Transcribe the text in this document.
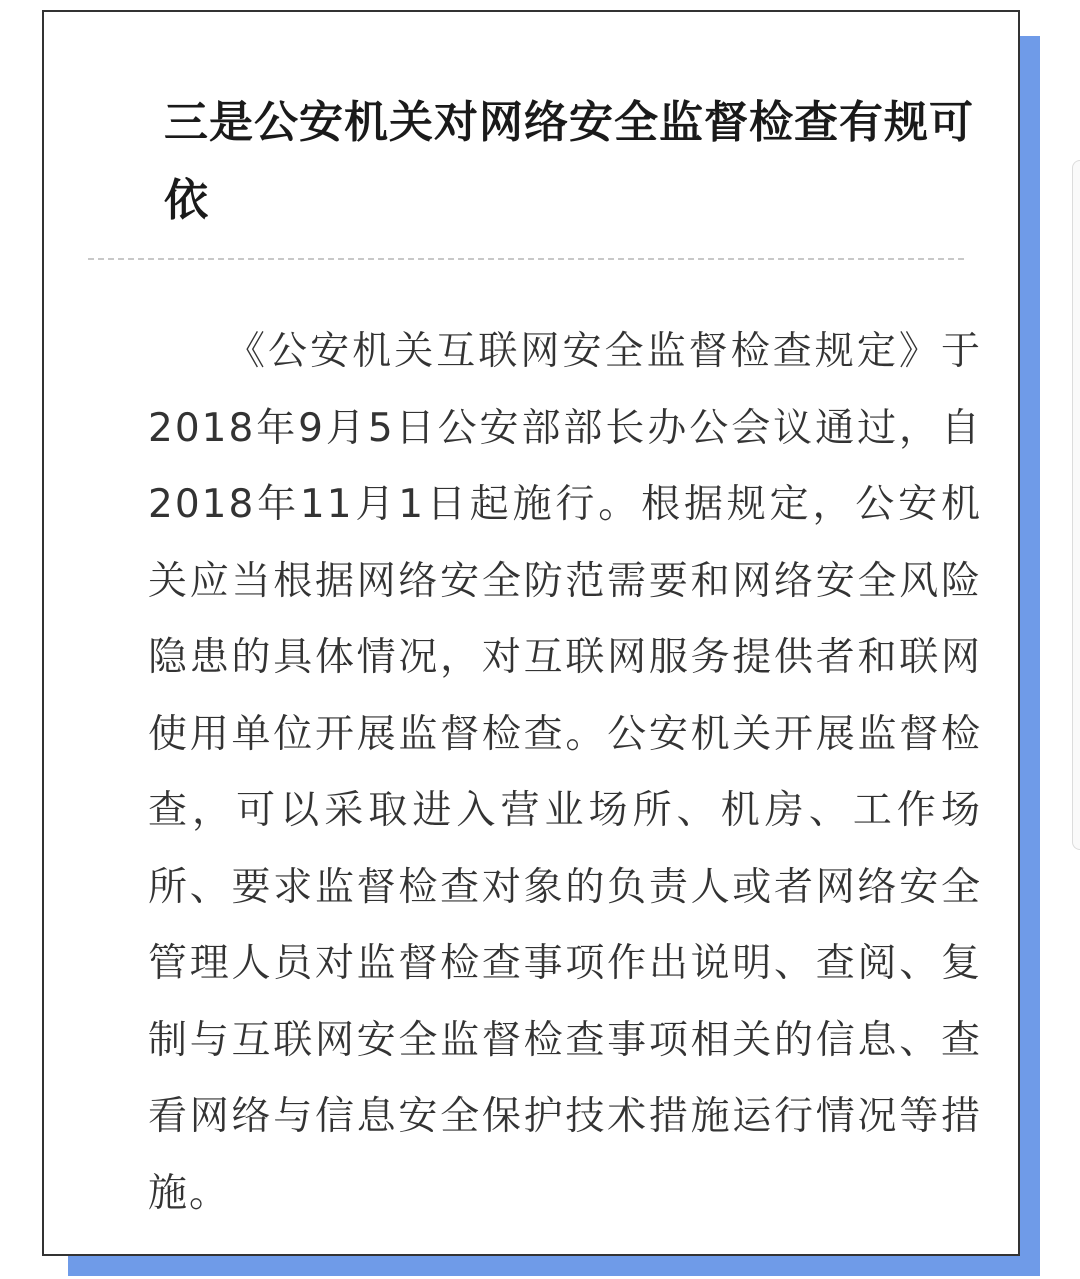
三是公安机关对网络安全监督检查有规可依

《公安机关互联网安全监督检查规定》于2018年9月5日公安部部长办公会议通过，自2018年11月1日起施行。根据规定，公安机关应当根据网络安全防范需要和网络安全风险隐患的具体情况，对互联网服务提供者和联网使用单位开展监督检查。公安机关开展监督检查，可以采取进入营业场所、机房、工作场所、要求监督检查对象的负责人或者网络安全管理人员对监督检查事项作出说明、查阅、复制与互联网安全监督检查事项相关的信息、查看网络与信息安全保护技术措施运行情况等措施。
